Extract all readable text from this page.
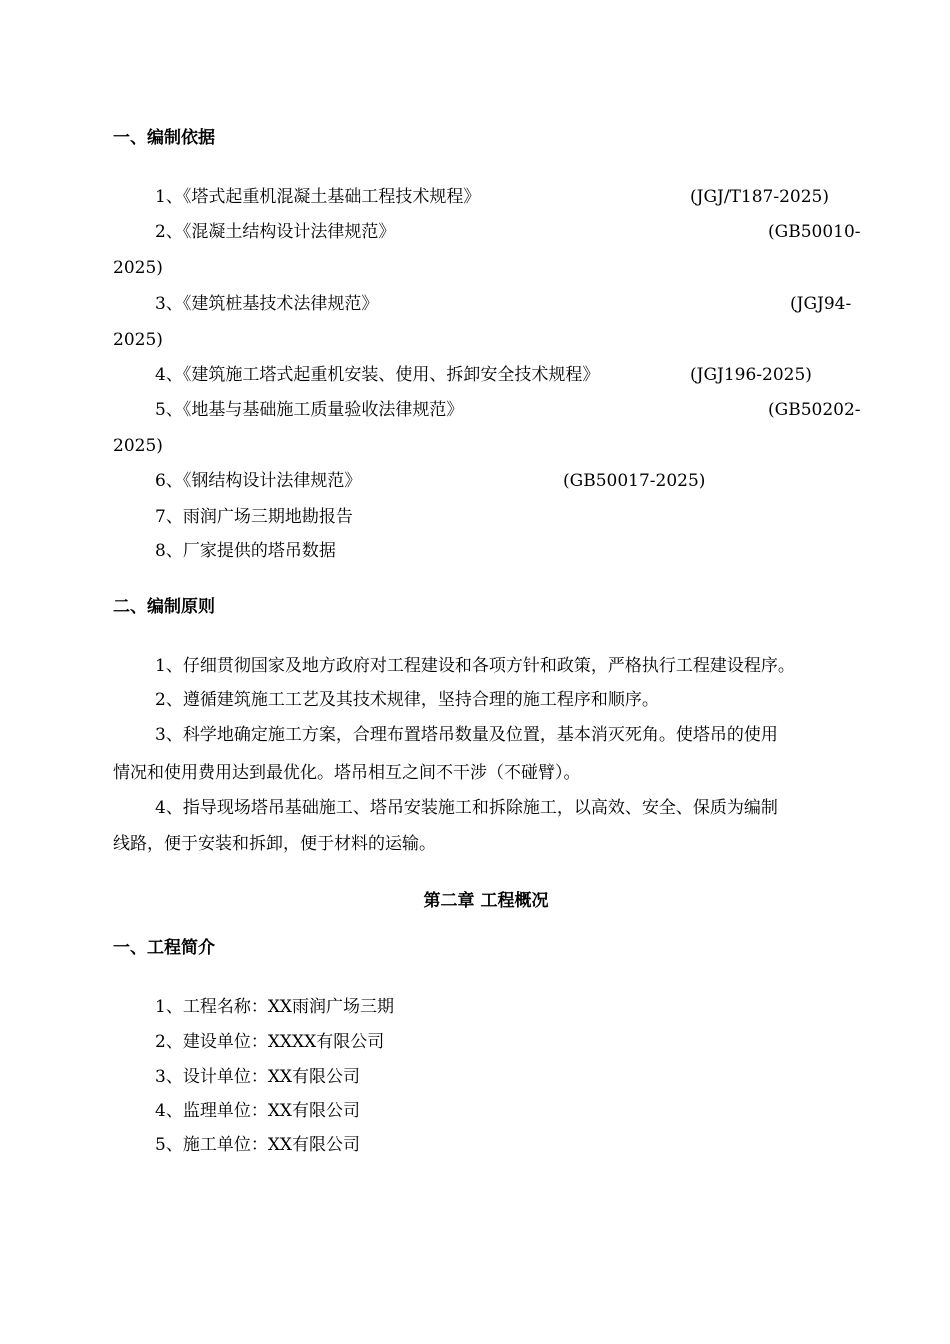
一、编制依据
1、《塔式起重机混凝土基础工程技术规程》	(JGJ/T187-2025)
2、《混凝土结构设计法律规范》	(GB50010-
2025)
3、《建筑桩基技术法律规范》	(JGJ94-
2025)
4、《建筑施工塔式起重机安装、使用、拆卸安全技术规程》	(JGJ196-2025)
5、《地基与基础施工质量验收法律规范》	(GB50202-
2025)
6、《钢结构设计法律规范》	(GB50017-2025)
7、雨润广场三期地勘报告
8、厂家提供的塔吊数据
二、编制原则
1、仔细贯彻国家及地方政府对工程建设和各项方针和政策，严格执行工程建设程序。
2、遵循建筑施工工艺及其技术规律，坚持合理的施工程序和顺序。
3、科学地确定施工方案，合理布置塔吊数量及位置，基本消灭死角。使塔吊的使用
情况和使用费用达到最优化。塔吊相互之间不干涉（不碰臂）。
4、指导现场塔吊基础施工、塔吊安装施工和拆除施工，以高效、安全、保质为编制
线路，便于安装和拆卸，便于材料的运输。
第二章 工程概况
一、工程简介
1、工程名称：XX雨润广场三期
2、建设单位：XXXX有限公司
3、设计单位：XX有限公司
4、监理单位：XX有限公司
5、施工单位：XX有限公司
